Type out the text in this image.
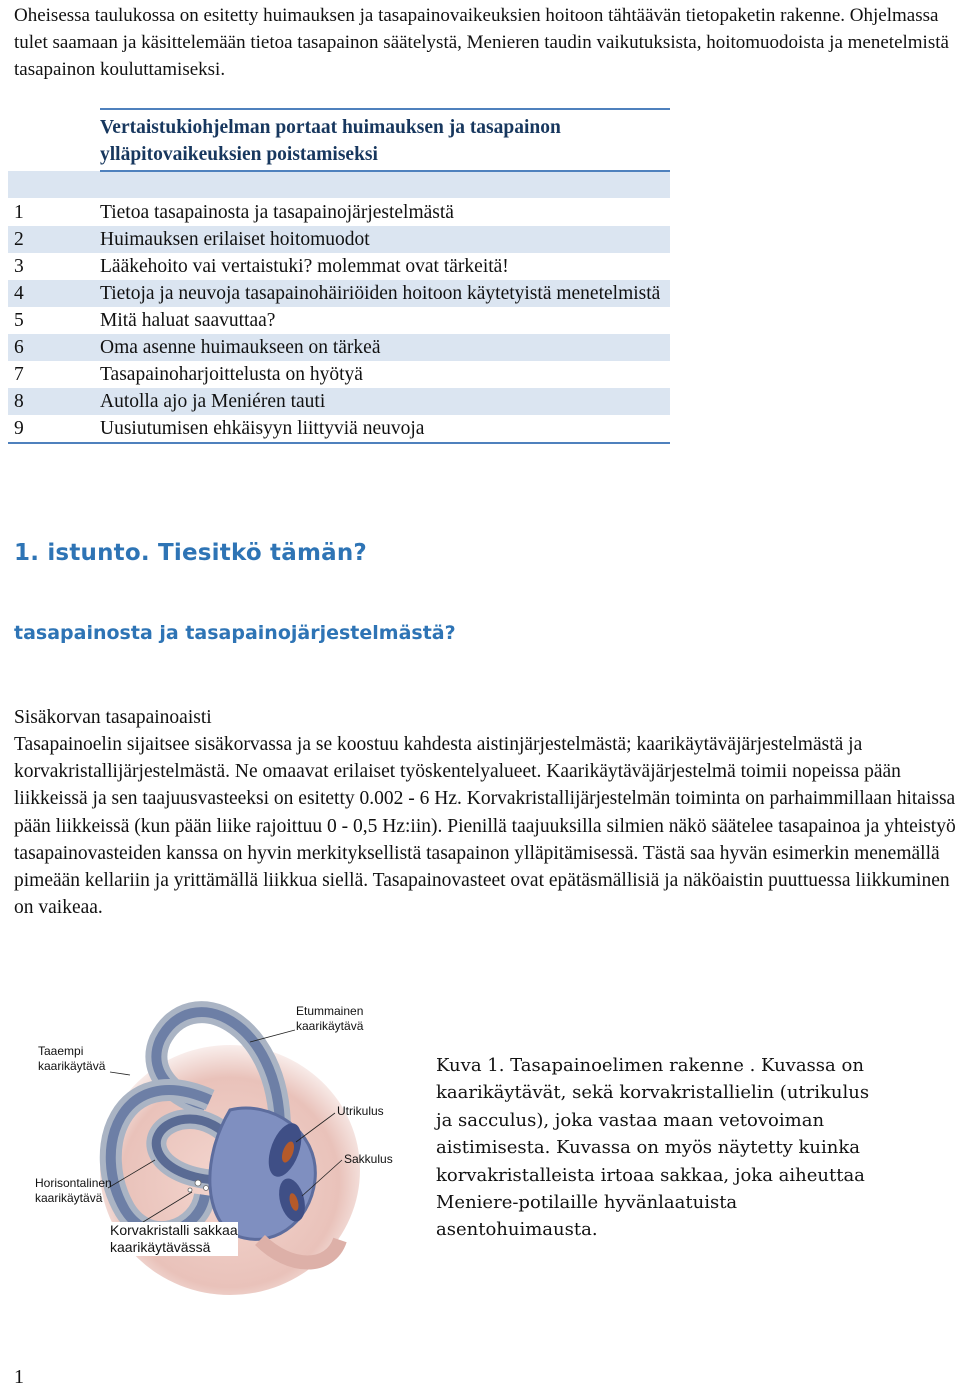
Oheisessa taulukossa on esitetty huimauksen ja tasapainovaikeuksien hoitoon tähtäävän tietopaketin rakenne. Ohjelmassa tulet saamaan ja käsittelemään tietoa tasapainon säätelystä, Menieren taudin vaikutuksista, hoitomuodoista ja menetelmistä tasapainon kouluttamiseksi.

	Vertaistukiohjelman portaat huimauksen ja tasapainon
ylläpitovaikeuksien poistamiseksi

1	Tietoa tasapainosta ja tasapainojärjestelmästä
2	Huimauksen erilaiset hoitomuodot
3	Lääkehoito vai vertaistuki? molemmat ovat tärkeitä!
4	Tietoja ja neuvoja tasapainohäiriöiden hoitoon käytetyistä menetelmistä
5	Mitä haluat saavuttaa?
6	Oma asenne huimaukseen on tärkeä
7	Tasapainoharjoittelusta on hyötyä
8	Autolla ajo ja Meniéren tauti
9	Uusiutumisen ehkäisyyn liittyviä neuvoja
1. istunto. Tiesitkö tämän?
tasapainosta ja tasapainojärjestelmästä?

Sisäkorvan tasapainoaisti

Tasapainoelin sijaitsee sisäkorvassa ja se koostuu kahdesta aistinjärjestelmästä; kaarikäytäväjärjestelmästä ja korvakristallijärjestelmästä. Ne omaavat erilaiset työskentelyalueet. Kaarikäytäväjärjestelmä toimii nopeissa pään liikkeissä ja sen taajuusvasteeksi on esitetty 0.002 - 6 Hz. Korvakristallijärjestelmän toiminta on parhaimmillaan hitaissa pään liikkeissä (kun pään liike rajoittuu 0 - 0,5 Hz:iin). Pienillä taajuuksilla silmien näkö säätelee tasapainoa ja yhteistyö tasapainovasteiden kanssa on hyvin merkityksellistä tasapainon ylläpitämisessä. Tästä saa hyvän esimerkin menemällä pimeään kellariin ja yrittämällä liikkua siellä. Tasapainovasteet ovat epätäsmällisiä ja näköaistin puuttuessa liikkuminen on vaikeaa.

Etummainen
kaarikäytävä
Taaempi
kaarikäytävä
Utrikulus
Sakkulus
Horisontalinen
kaarikäytävä
Korvakristalli sakkaa
kaarikäytävässä

Kuva 1. Tasapainoelimen rakenne . Kuvassa on kaarikäytävät, sekä korvakristallielin (utrikulus ja sacculus), joka vastaa maan vetovoiman aistimisesta. Kuvassa on myös näytetty kuinka korvakristalleista irtoaa sakkaa, joka aiheuttaa Meniere-potilaille hyvänlaatuista asentohuimausta.

1
